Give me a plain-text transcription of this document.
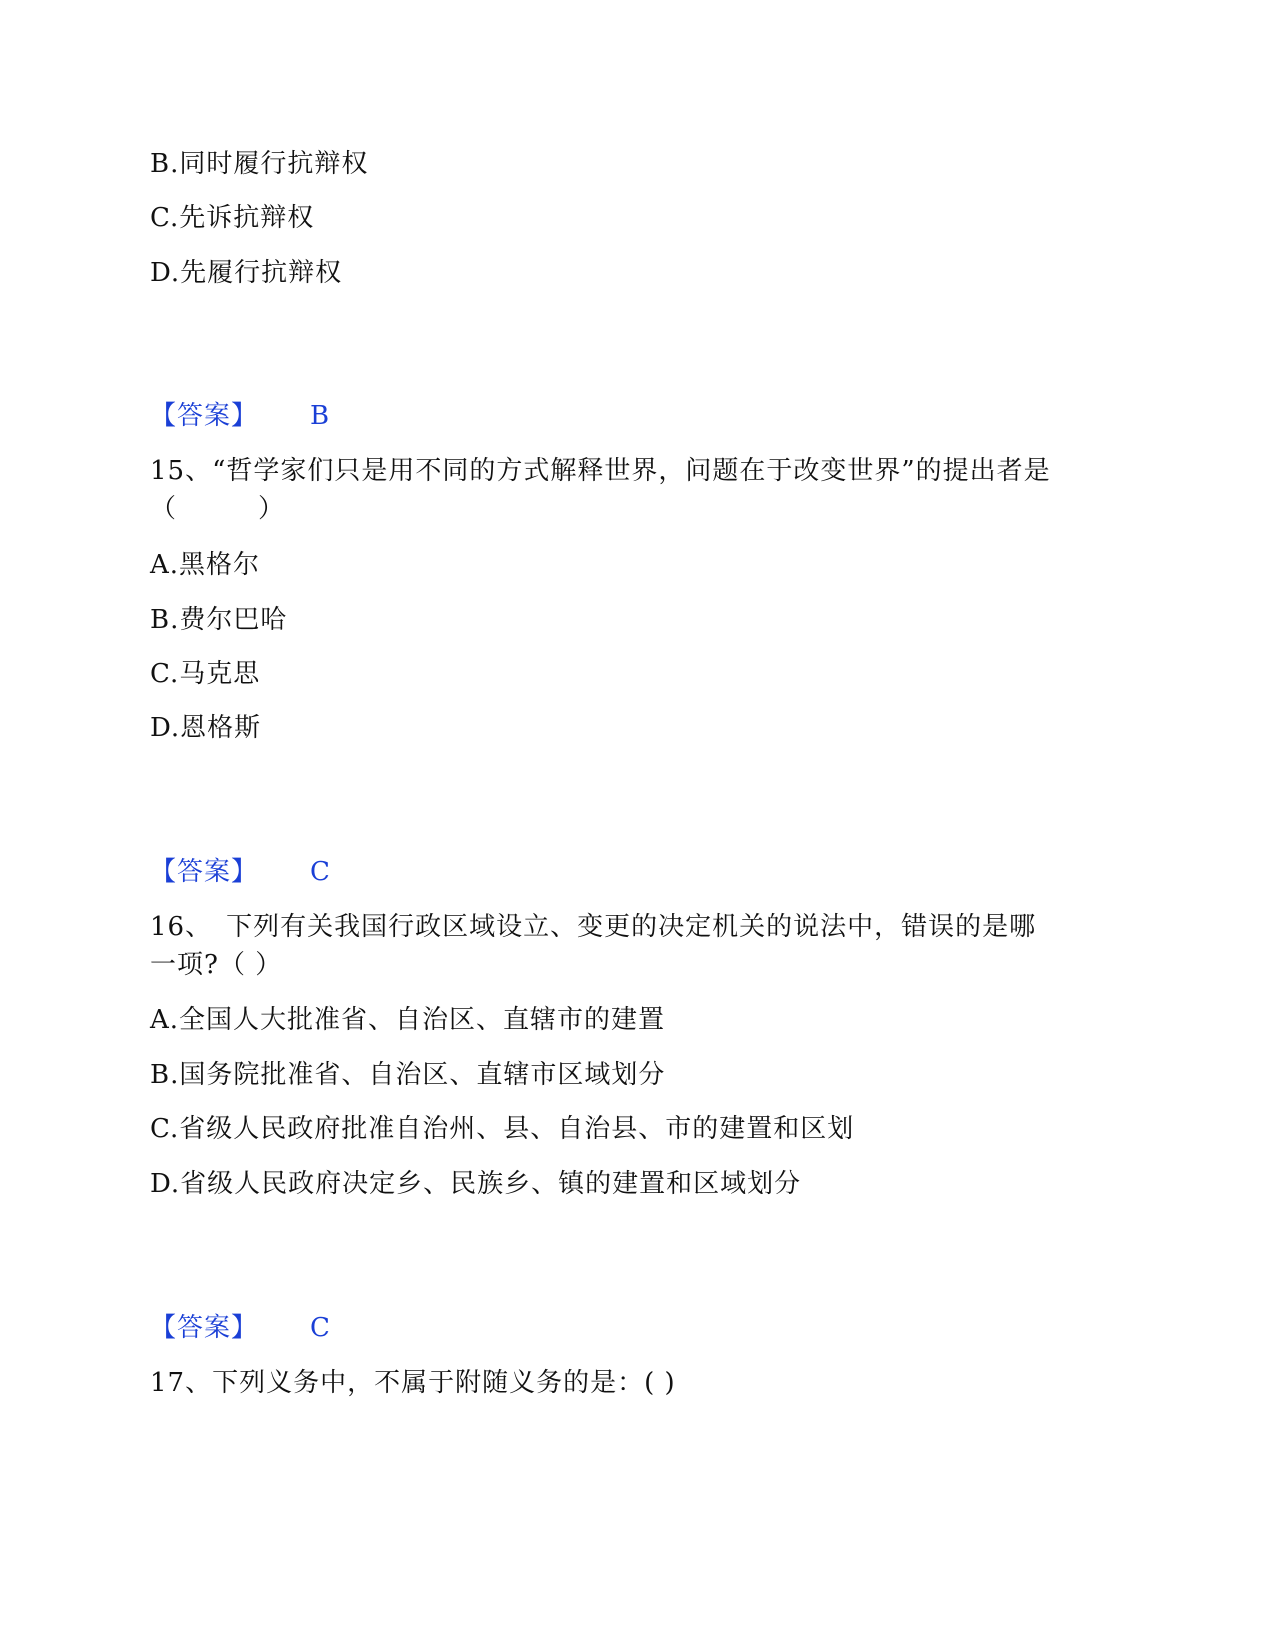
B.同时履行抗辩权
C.先诉抗辩权
D.先履行抗辩权
【答案】 B
15、“哲学家们只是用不同的方式解释世界，问题在于改变世界”的提出者是
（　　　）
A.黑格尔
B.费尔巴哈
C.马克思
D.恩格斯
【答案】 C
16、　下列有关我国行政区域设立、变更的决定机关的说法中，错误的是哪
一项?（ ）
A.全国人大批准省、自治区、直辖市的建置
B.国务院批准省、自治区、直辖市区域划分
C.省级人民政府批准自治州、县、自治县、市的建置和区划
D.省级人民政府决定乡、民族乡、镇的建置和区域划分
【答案】 C
17、下列义务中，不属于附随义务的是：( )
